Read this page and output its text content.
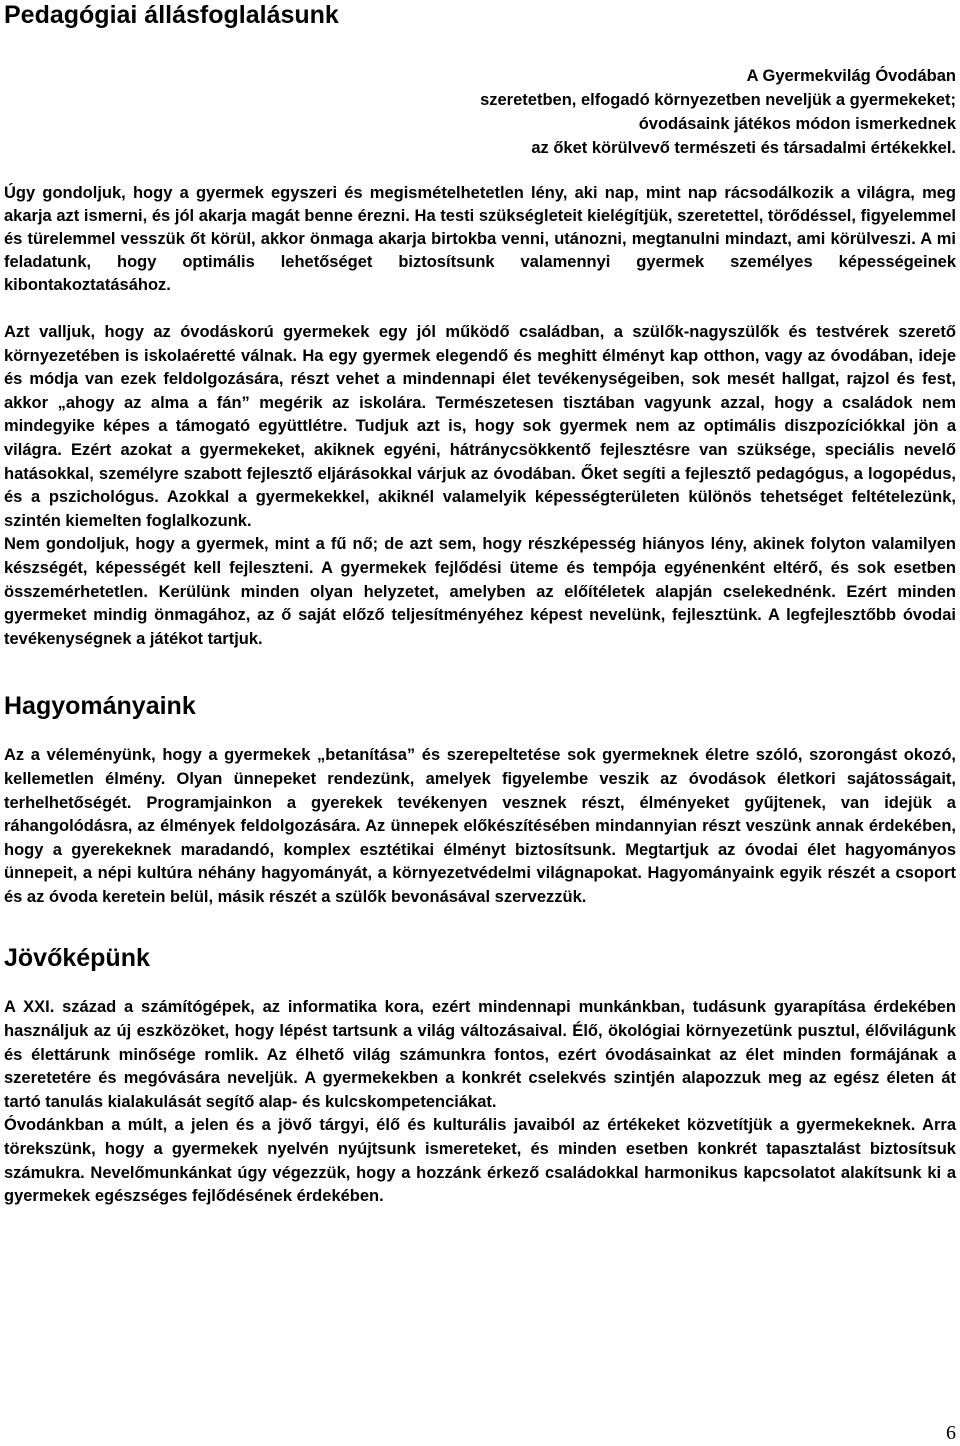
Pedagógiai állásfoglalásunk
A Gyermekvilág Óvodában
szeretetben, elfogadó környezetben neveljük a gyermekeket;
óvodásaink játékos módon ismerkednek
az őket körülvevő természeti és társadalmi értékekkel.

Úgy gondoljuk, hogy a gyermek egyszeri és megismételhetetlen lény, aki nap, mint nap rácsodálkozik a világra, meg akarja azt ismerni, és jól akarja magát benne érezni. Ha testi szükségleteit kielégítjük, szeretettel, törődéssel, figyelemmel és türelemmel vesszük őt körül, akkor önmaga akarja birtokba venni, utánozni, megtanulni mindazt, ami körülveszi. A mi feladatunk, hogy optimális lehetőséget biztosítsunk valamennyi gyermek személyes képességeinek kibontakoztatásához.

Azt valljuk, hogy az óvodáskorú gyermekek egy jól működő családban, a szülők-nagyszülők és testvérek szerető környezetében is iskolaéretté válnak. Ha egy gyermek elegendő és meghitt élményt kap otthon, vagy az óvodában, ideje és módja van ezek feldolgozására, részt vehet a mindennapi élet tevékenységeiben, sok mesét hallgat, rajzol és fest, akkor „ahogy az alma a fán” megérik az iskolára. Természetesen tisztában vagyunk azzal, hogy a családok nem mindegyike képes a támogató együttlétre. Tudjuk azt is, hogy sok gyermek nem az optimális diszpozíciókkal jön a világra. Ezért azokat a gyermekeket, akiknek egyéni, hátránycsökkentő fejlesztésre van szüksége, speciális nevelő hatásokkal, személyre szabott fejlesztő eljárásokkal várjuk az óvodában. Őket segíti a fejlesztő pedagógus, a logopédus, és a pszichológus. Azokkal a gyermekekkel, akiknél valamelyik képességterületen különös tehetséget feltételezünk, szintén kiemelten foglalkozunk.

Nem gondoljuk, hogy a gyermek, mint a fű nő; de azt sem, hogy részképesség hiányos lény, akinek folyton valamilyen készségét, képességét kell fejleszteni. A gyermekek fejlődési üteme és tempója egyénenként eltérő, és sok esetben összemérhetetlen. Kerülünk minden olyan helyzetet, amelyben az előítéletek alapján cselekednénk. Ezért minden gyermeket mindig önmagához, az ő saját előző teljesítményéhez képest nevelünk, fejlesztünk. A legfejlesztőbb óvodai tevékenységnek a játékot tartjuk.

Hagyományaink

Az a véleményünk, hogy a gyermekek „betanítása” és szerepeltetése sok gyermeknek életre szóló, szorongást okozó, kellemetlen élmény. Olyan ünnepeket rendezünk, amelyek figyelembe veszik az óvodások életkori sajátosságait, terhelhetőségét. Programjainkon a gyerekek tevékenyen vesznek részt, élményeket gyűjtenek, van idejük a ráhangolódásra, az élmények feldolgozására. Az ünnepek előkészítésében mindannyian részt veszünk annak érdekében, hogy a gyerekeknek maradandó, komplex esztétikai élményt biztosítsunk. Megtartjuk az óvodai élet hagyományos ünnepeit, a népi kultúra néhány hagyományát, a környezetvédelmi világnapokat. Hagyományaink egyik részét a csoport és az óvoda keretein belül, másik részét a szülők bevonásával szervezzük.

Jövőképünk

A XXI. század a számítógépek, az informatika kora, ezért mindennapi munkánkban, tudásunk gyarapítása érdekében használjuk az új eszközöket, hogy lépést tartsunk a világ változásaival. Élő, ökológiai környezetünk pusztul, élővilágunk és élettárunk minősége romlik. Az élhető világ számunkra fontos, ezért óvodásainkat az élet minden formájának a szeretetére és megóvására neveljük. A gyermekekben a konkrét cselekvés szintjén alapozzuk meg az egész életen át tartó tanulás kialakulását segítő alap- és kulcskompetenciákat.

Óvodánkban a múlt, a jelen és a jövő tárgyi, élő és kulturális javaiból az értékeket közvetítjük a gyermekeknek. Arra törekszünk, hogy a gyermekek nyelvén nyújtsunk ismereteket, és minden esetben konkrét tapasztalást biztosítsuk számukra. Nevelőmunkánkat úgy végezzük, hogy a hozzánk érkező családokkal harmonikus kapcsolatot alakítsunk ki a gyermekek egészséges fejlődésének érdekében.

6
